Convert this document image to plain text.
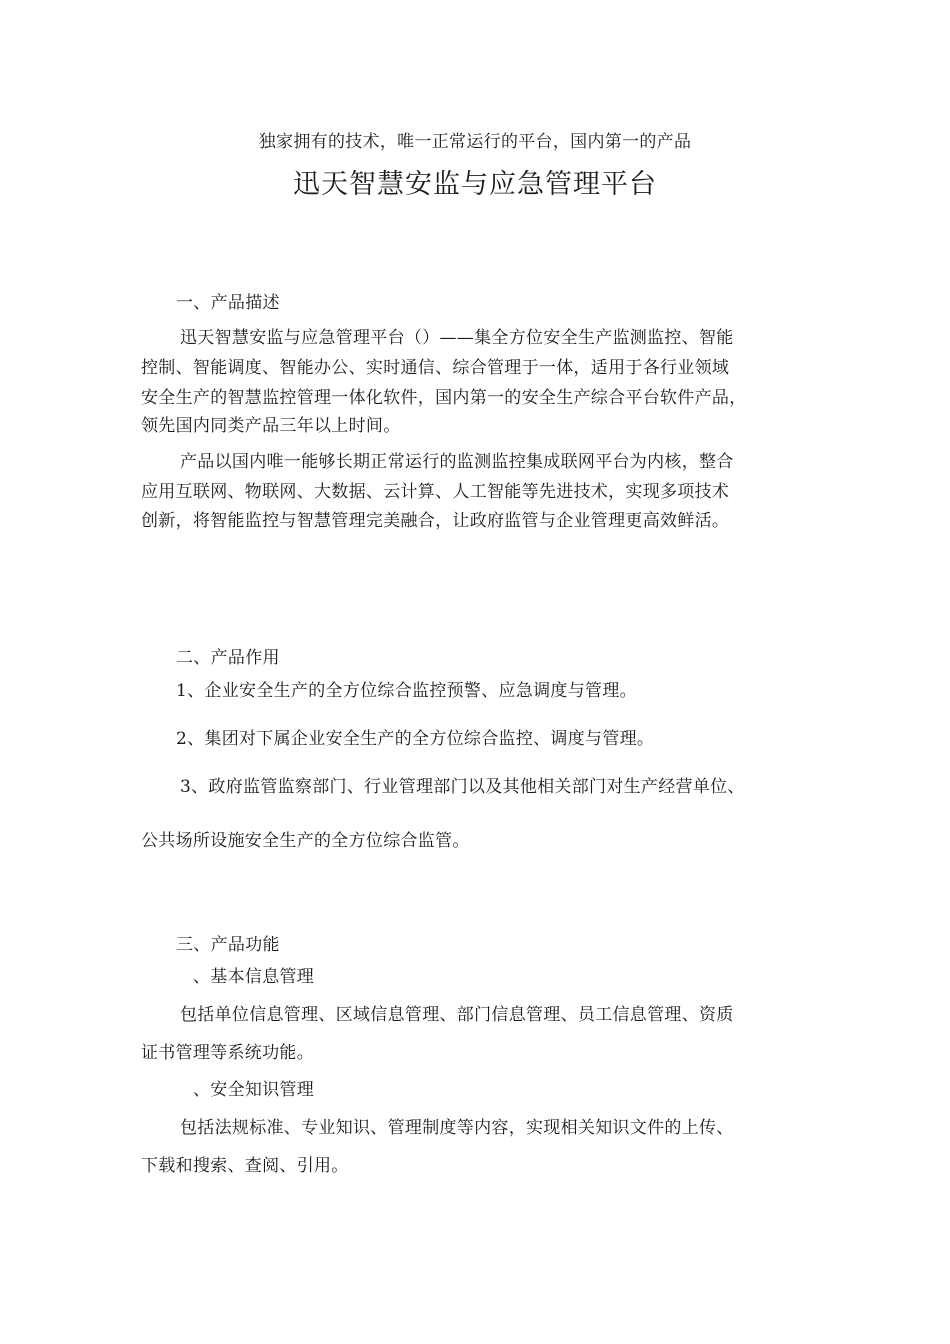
独家拥有的技术，唯一正常运行的平台，国内第一的产品
迅天智慧安监与应急管理平台
一、产品描述
迅天智慧安监与应急管理平台（）——集全方位安全生产监测监控、智能
控制、智能调度、智能办公、实时通信、综合管理于一体，适用于各行业领域
安全生产的智慧监控管理一体化软件，国内第一的安全生产综合平台软件产品，
领先国内同类产品三年以上时间。
产品以国内唯一能够长期正常运行的监测监控集成联网平台为内核，整合
应用互联网、物联网、大数据、云计算、人工智能等先进技术，实现多项技术
创新，将智能监控与智慧管理完美融合，让政府监管与企业管理更高效鲜活。
二、产品作用
1、企业安全生产的全方位综合监控预警、应急调度与管理。
2、集团对下属企业安全生产的全方位综合监控、调度与管理。
3、政府监管监察部门、行业管理部门以及其他相关部门对生产经营单位、
公共场所设施安全生产的全方位综合监管。
三、产品功能
、基本信息管理
包括单位信息管理、区域信息管理、部门信息管理、员工信息管理、资质
证书管理等系统功能。
、安全知识管理
包括法规标准、专业知识、管理制度等内容，实现相关知识文件的上传、
下载和搜索、查阅、引用。
